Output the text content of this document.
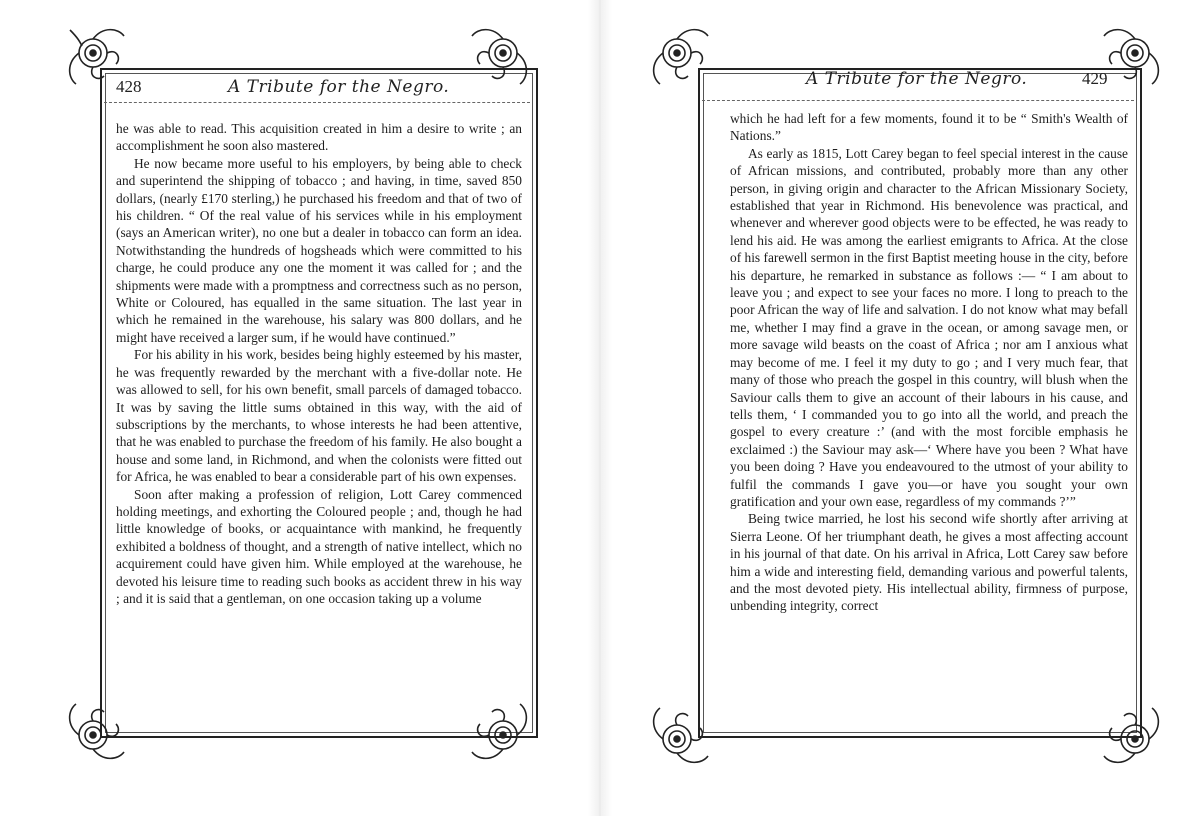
428	A Tribute for the Negro.

he was able to read. This acquisition created in him a desire to write ; an accomplishment he soon also mastered.

He now became more useful to his employers, by being able to check and superintend the shipping of tobacco ; and having, in time, saved 850 dollars, (nearly £170 sterling,) he purchased his freedom and that of two of his children. “ Of the real value of his services while in his employment (says an American writer), no one but a dealer in tobacco can form an idea. Notwithstanding the hundreds of hogsheads which were committed to his charge, he could produce any one the moment it was called for ; and the shipments were made with a promptness and correctness such as no person, White or Coloured, has equalled in the same situation. The last year in which he remained in the warehouse, his salary was 800 dollars, and he might have received a larger sum, if he would have continued.”

For his ability in his work, besides being highly esteemed by his master, he was frequently rewarded by the merchant with a five-dollar note. He was allowed to sell, for his own benefit, small parcels of damaged tobacco. It was by saving the little sums obtained in this way, with the aid of subscriptions by the merchants, to whose interests he had been attentive, that he was enabled to purchase the freedom of his family. He also bought a house and some land, in Richmond, and when the colonists were fitted out for Africa, he was enabled to bear a considerable part of his own expenses.

Soon after making a profession of religion, Lott Carey commenced holding meetings, and exhorting the Coloured people ; and, though he had little knowledge of books, or acquaintance with mankind, he frequently exhibited a boldness of thought, and a strength of native intellect, which no acquirement could have given him. While employed at the warehouse, he devoted his leisure time to reading such books as accident threw in his way ; and it is said that a gentleman, on one occasion taking up a volume

A Tribute for the Negro.	429

which he had left for a few moments, found it to be “ Smith's Wealth of Nations.”

As early as 1815, Lott Carey began to feel special interest in the cause of African missions, and contributed, probably more than any other person, in giving origin and character to the African Missionary Society, established that year in Richmond. His benevolence was practical, and whenever and wherever good objects were to be effected, he was ready to lend his aid. He was among the earliest emigrants to Africa. At the close of his farewell sermon in the first Baptist meeting house in the city, before his departure, he remarked in substance as follows :— “ I am about to leave you ; and expect to see your faces no more. I long to preach to the poor African the way of life and salvation. I do not know what may befall me, whether I may find a grave in the ocean, or among savage men, or more savage wild beasts on the coast of Africa ; nor am I anxious what may become of me. I feel it my duty to go ; and I very much fear, that many of those who preach the gospel in this country, will blush when the Saviour calls them to give an account of their labours in his cause, and tells them, ‘ I commanded you to go into all the world, and preach the gospel to every creature :’ (and with the most forcible emphasis he exclaimed :) the Saviour may ask—‘ Where have you been ? What have you been doing ? Have you endeavoured to the utmost of your ability to fulfil the commands I gave you—or have you sought your own gratification and your own ease, regardless of my commands ?’”

Being twice married, he lost his second wife shortly after arriving at Sierra Leone. Of her triumphant death, he gives a most affecting account in his journal of that date. On his arrival in Africa, Lott Carey saw before him a wide and interesting field, demanding various and powerful talents, and the most devoted piety. His intellectual ability, firmness of purpose, unbending integrity, correct
